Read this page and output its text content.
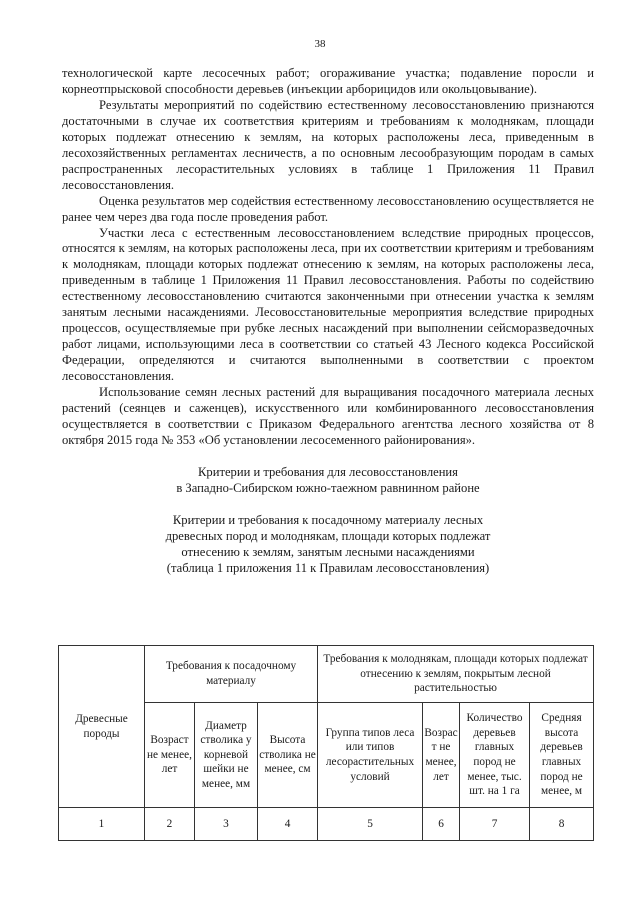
38

технологической карте лесосечных работ; огораживание участка; подавление поросли и корнеотпрысковой способности деревьев (инъекции арборицидов или окольцовывание).

Результаты мероприятий по содействию естественному лесовосстановлению признаются достаточными в случае их соответствия критериям и требованиям к молоднякам, площади которых подлежат отнесению к землям, на которых расположены леса, приведенным в лесохозяйственных регламентах лесничеств, а по основным лесообразующим породам в самых распространенных лесорастительных условиях в таблице 1 Приложения 11 Правил лесовосстановления.

Оценка результатов мер содействия естественному лесовосстановлению осуществляется не ранее чем через два года после проведения работ.

Участки леса с естественным лесовосстановлением вследствие природных процессов, относятся к землям, на которых расположены леса, при их соответствии критериям и требованиям к молоднякам, площади которых подлежат отнесению к землям, на которых расположены леса, приведенным в таблице 1 Приложения 11 Правил лесовосстановления. Работы по содействию естественному лесовосстановлению считаются законченными при отнесении участка к землям занятым лесными насаждениями. Лесовосстановительные мероприятия вследствие природных процессов, осуществляемые при рубке лесных насаждений при выполнении сейсморазведочных работ лицами, использующими леса в соответствии со статьей 43 Лесного кодекса Российской Федерации, определяются и считаются выполненными в соответствии с проектом лесовосстановления.

Использование семян лесных растений для выращивания посадочного материала лесных растений (сеянцев и саженцев), искусственного или комбинированного лесовосстановления осуществляется в соответствии с Приказом Федерального агентства лесного хозяйства от 8 октября 2015 года № 353 «Об установлении лесосеменного районирования».

Критерии и требования для лесовосстановления
в Западно-Сибирском южно-таежном равнинном районе
Критерии и требования к посадочному материалу лесных
древесных пород и молоднякам, площади которых подлежат
отнесению к землям, занятым лесными насаждениями
(таблица 1 приложения 11 к Правилам лесовосстановления)
Древесные породы	Требования к посадочному материалу			Требования к молоднякам, площади которых подлежат отнесению к землям, покрытым лесной растительностью			
	Возраст не менее, лет	Диаметр стволика у корневой шейки не менее, мм	Высота стволика не менее, см	Группа типов леса или типов лесорастительных условий	Возраст не менее, лет	Количество деревьев главных пород не менее, тыс. шт. на 1 га	Средняя высота деревьев главных пород не менее, м
1	2	3	4	5	6	7	8
